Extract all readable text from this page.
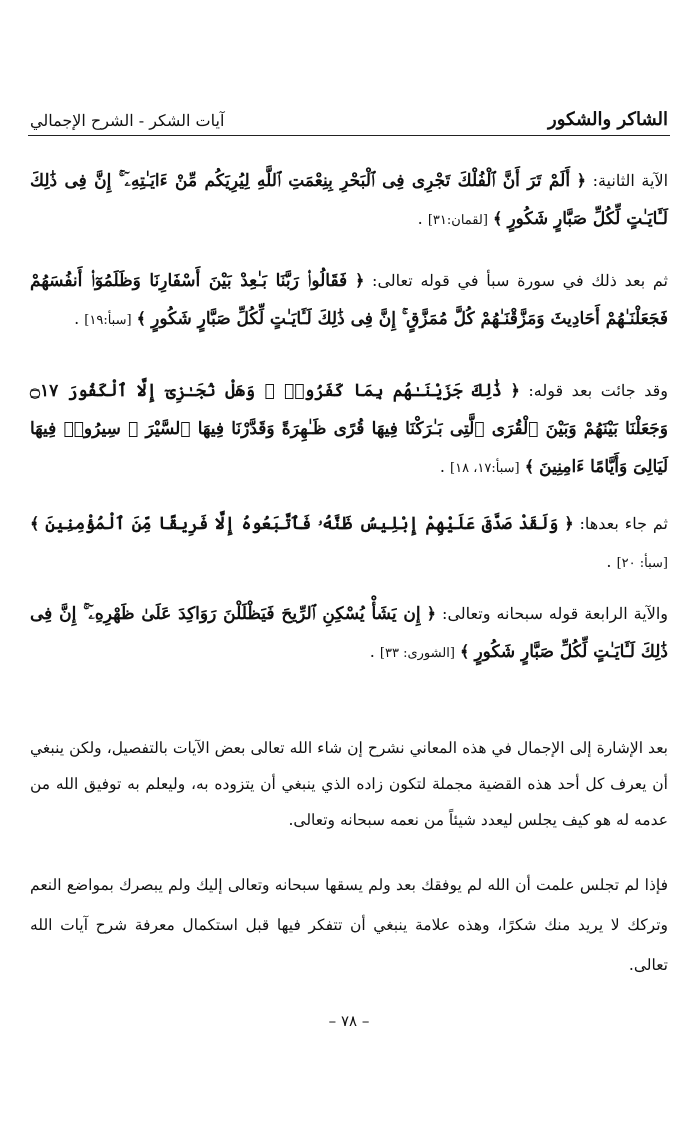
الشاكر والشكور
آيات الشكر - الشرح الإجمالي
الآية الثانية: ﴿ أَلَمْ تَرَ أَنَّ ٱلْفُلْكَ تَجْرِى فِى ٱلْبَحْرِ بِنِعْمَتِ ٱللَّهِ لِيُرِيَكُم مِّنْ ءَايَـٰتِهِۦٓ ۚ إِنَّ فِى ذَٰلِكَ لَـَٔايَـٰتٍ لِّكُلِّ صَبَّارٍ شَكُورٍ ﴾ [لقمان:٣١] .
ثم بعد ذلك في سورة سبأ في قوله تعالى: ﴿ فَقَالُوا۟ رَبَّنَا بَـٰعِدْ بَيْنَ أَسْفَارِنَا وَظَلَمُوٓا۟ أَنفُسَهُمْ فَجَعَلْنَـٰهُمْ أَحَادِيثَ وَمَزَّقْنَـٰهُمْ كُلَّ مُمَزَّقٍ ۚ إِنَّ فِى ذَٰلِكَ لَـَٔايَـٰتٍ لِّكُلِّ صَبَّارٍ شَكُورٍ ﴾ [سبأ:١٩] .
وقد جائت بعد قوله: ﴿ ذَٰلِكَ جَزَيْنَـٰهُم بِمَا كَفَرُوا۟ ۖ وَهَلْ نُجَـٰزِىٓ إِلَّا ٱلْكَفُورَ ۝١٧ وَجَعَلْنَا بَيْنَهُمْ وَبَيْنَ ٱلْقُرَى ٱلَّتِى بَـٰرَكْنَا فِيهَا قُرًى ظَـٰهِرَةً وَقَدَّرْنَا فِيهَا ٱلسَّيْرَ ۖ سِيرُوا۟ فِيهَا لَيَالِىَ وَأَيَّامًا ءَامِنِينَ ﴾ [سبأ:١٧، ١٨] .
ثم جاء بعدها: ﴿ وَلَقَدْ صَدَّقَ عَلَيْهِمْ إِبْلِيسُ ظَنَّهُۥ فَٱتَّبَعُوهُ إِلَّا فَرِيقًا مِّنَ ٱلْمُؤْمِنِينَ ﴾ [سبأ: ٢٠] .
والآية الرابعة قوله سبحانه وتعالى: ﴿ إِن يَشَأْ يُسْكِنِ ٱلرِّيحَ فَيَظْلَلْنَ رَوَاكِدَ عَلَىٰ ظَهْرِهِۦٓ ۚ إِنَّ فِى ذَٰلِكَ لَـَٔايَـٰتٍ لِّكُلِّ صَبَّارٍ شَكُورٍ ﴾ [الشورى: ٣٣] .
بعد الإشارة إلى الإجمال في هذه المعاني نشرح إن شاء الله تعالى بعض الآيات بالتفصيل، ولكن ينبغي أن يعرف كل أحد هذه القضية مجملة لتكون زاده الذي ينبغي أن يتزوده به، وليعلم به توفيق الله من عدمه له هو كيف يجلس ليعدد شيئاً من نعمه سبحانه وتعالى.
فإذا لم تجلس علمت أن الله لم يوفقك بعد ولم يسقها سبحانه وتعالى إليك ولم يبصرك بمواضع النعم وتركك لا يريد منك شكرًا، وهذه علامة ينبغي أن تتفكر فيها قبل استكمال معرفة شرح آيات الله تعالى.
– ٧٨ –
